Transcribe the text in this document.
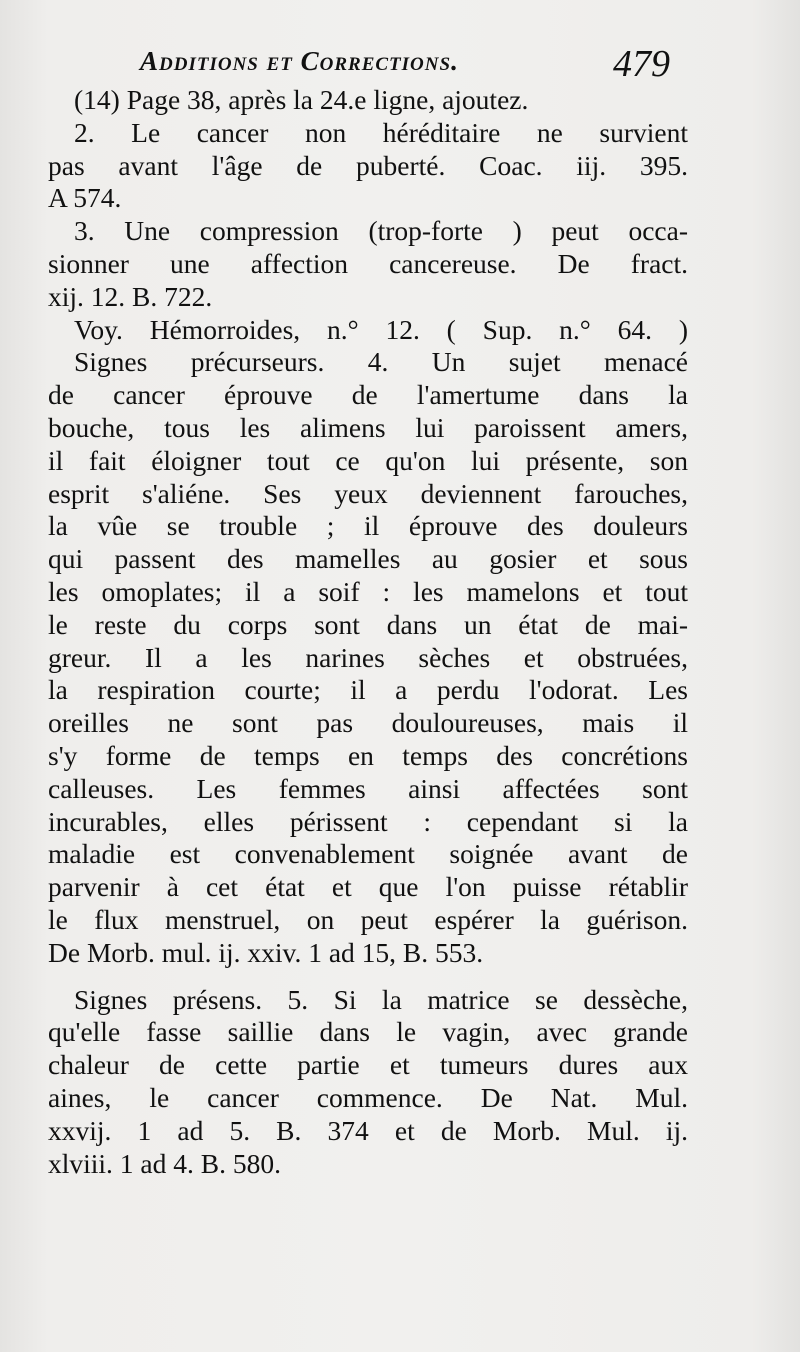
Additions et Corrections.	479
(14) Page 38, après la 24.e ligne, ajoutez.
2. Le cancer non héréditaire ne survient
pas avant l'âge de puberté. Coac. iij. 395.
A 574.
3. Une compression (trop-forte ) peut occa-
sionner une affection cancereuse. De fract.
xij. 12. B. 722.
Voy. Hémorroides, n.° 12. ( Sup. n.° 64. )
Signes précurseurs. 4. Un sujet menacé
de cancer éprouve de l'amertume dans la
bouche, tous les alimens lui paroissent amers,
il fait éloigner tout ce qu'on lui présente, son
esprit s'aliéne. Ses yeux deviennent farouches,
la vûe se trouble ; il éprouve des douleurs
qui passent des mamelles au gosier et sous
les omoplates; il a soif : les mamelons et tout
le reste du corps sont dans un état de mai-
greur. Il a les narines sèches et obstruées,
la respiration courte; il a perdu l'odorat. Les
oreilles ne sont pas douloureuses, mais il
s'y forme de temps en temps des concrétions
calleuses. Les femmes ainsi affectées sont
incurables, elles périssent : cependant si la
maladie est convenablement soignée avant de
parvenir à cet état et que l'on puisse rétablir
le flux menstruel, on peut espérer la guérison.
De Morb. mul. ij. xxiv. 1 ad 15, B. 553.
Signes présens. 5. Si la matrice se dessèche,
qu'elle fasse saillie dans le vagin, avec grande
chaleur de cette partie et tumeurs dures aux
aines, le cancer commence. De Nat. Mul.
xxvij. 1 ad 5. B. 374 et de Morb. Mul. ij.
xlviii. 1 ad 4. B. 580.
